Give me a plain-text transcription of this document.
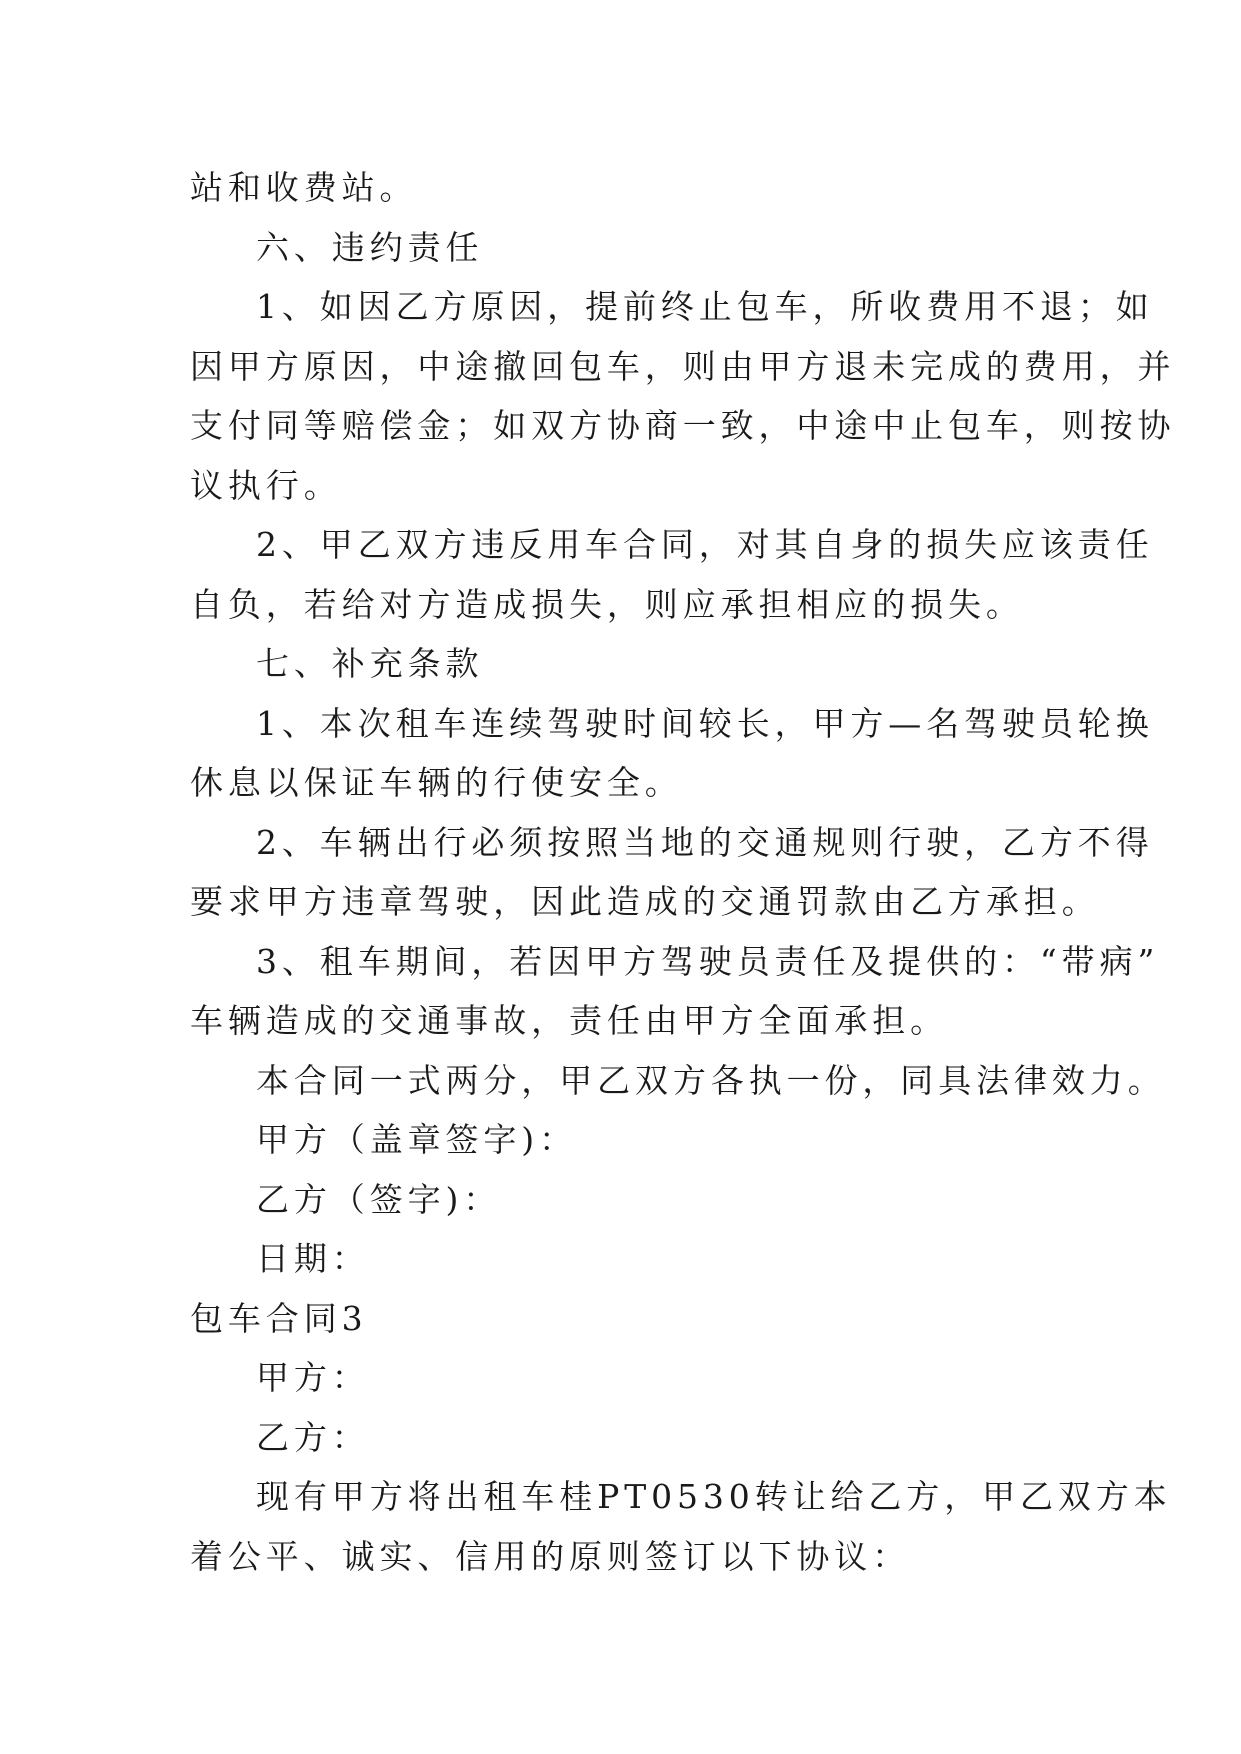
站和收费站。

六、违约责任

1、如因乙方原因，提前终止包车，所收费用不退；如

因甲方原因，中途撤回包车，则由甲方退未完成的费用，并

支付同等赔偿金；如双方协商一致，中途中止包车，则按协

议执行。

2、甲乙双方违反用车合同，对其自身的损失应该责任

自负，若给对方造成损失，则应承担相应的损失。

七、补充条款

1、本次租车连续驾驶时间较长，甲方—名驾驶员轮换

休息以保证车辆的行使安全。

2、车辆出行必须按照当地的交通规则行驶，乙方不得

要求甲方违章驾驶，因此造成的交通罚款由乙方承担。

3、租车期间，若因甲方驾驶员责任及提供的：“带病”

车辆造成的交通事故，责任由甲方全面承担。

本合同一式两分，甲乙双方各执一份，同具法律效力。

甲方（盖章签字)：

乙方（签字)：

日期：

包车合同3

甲方：

乙方：

现有甲方将出租车桂PT0530转让给乙方，甲乙双方本

着公平、诚实、信用的原则签订以下协议：
